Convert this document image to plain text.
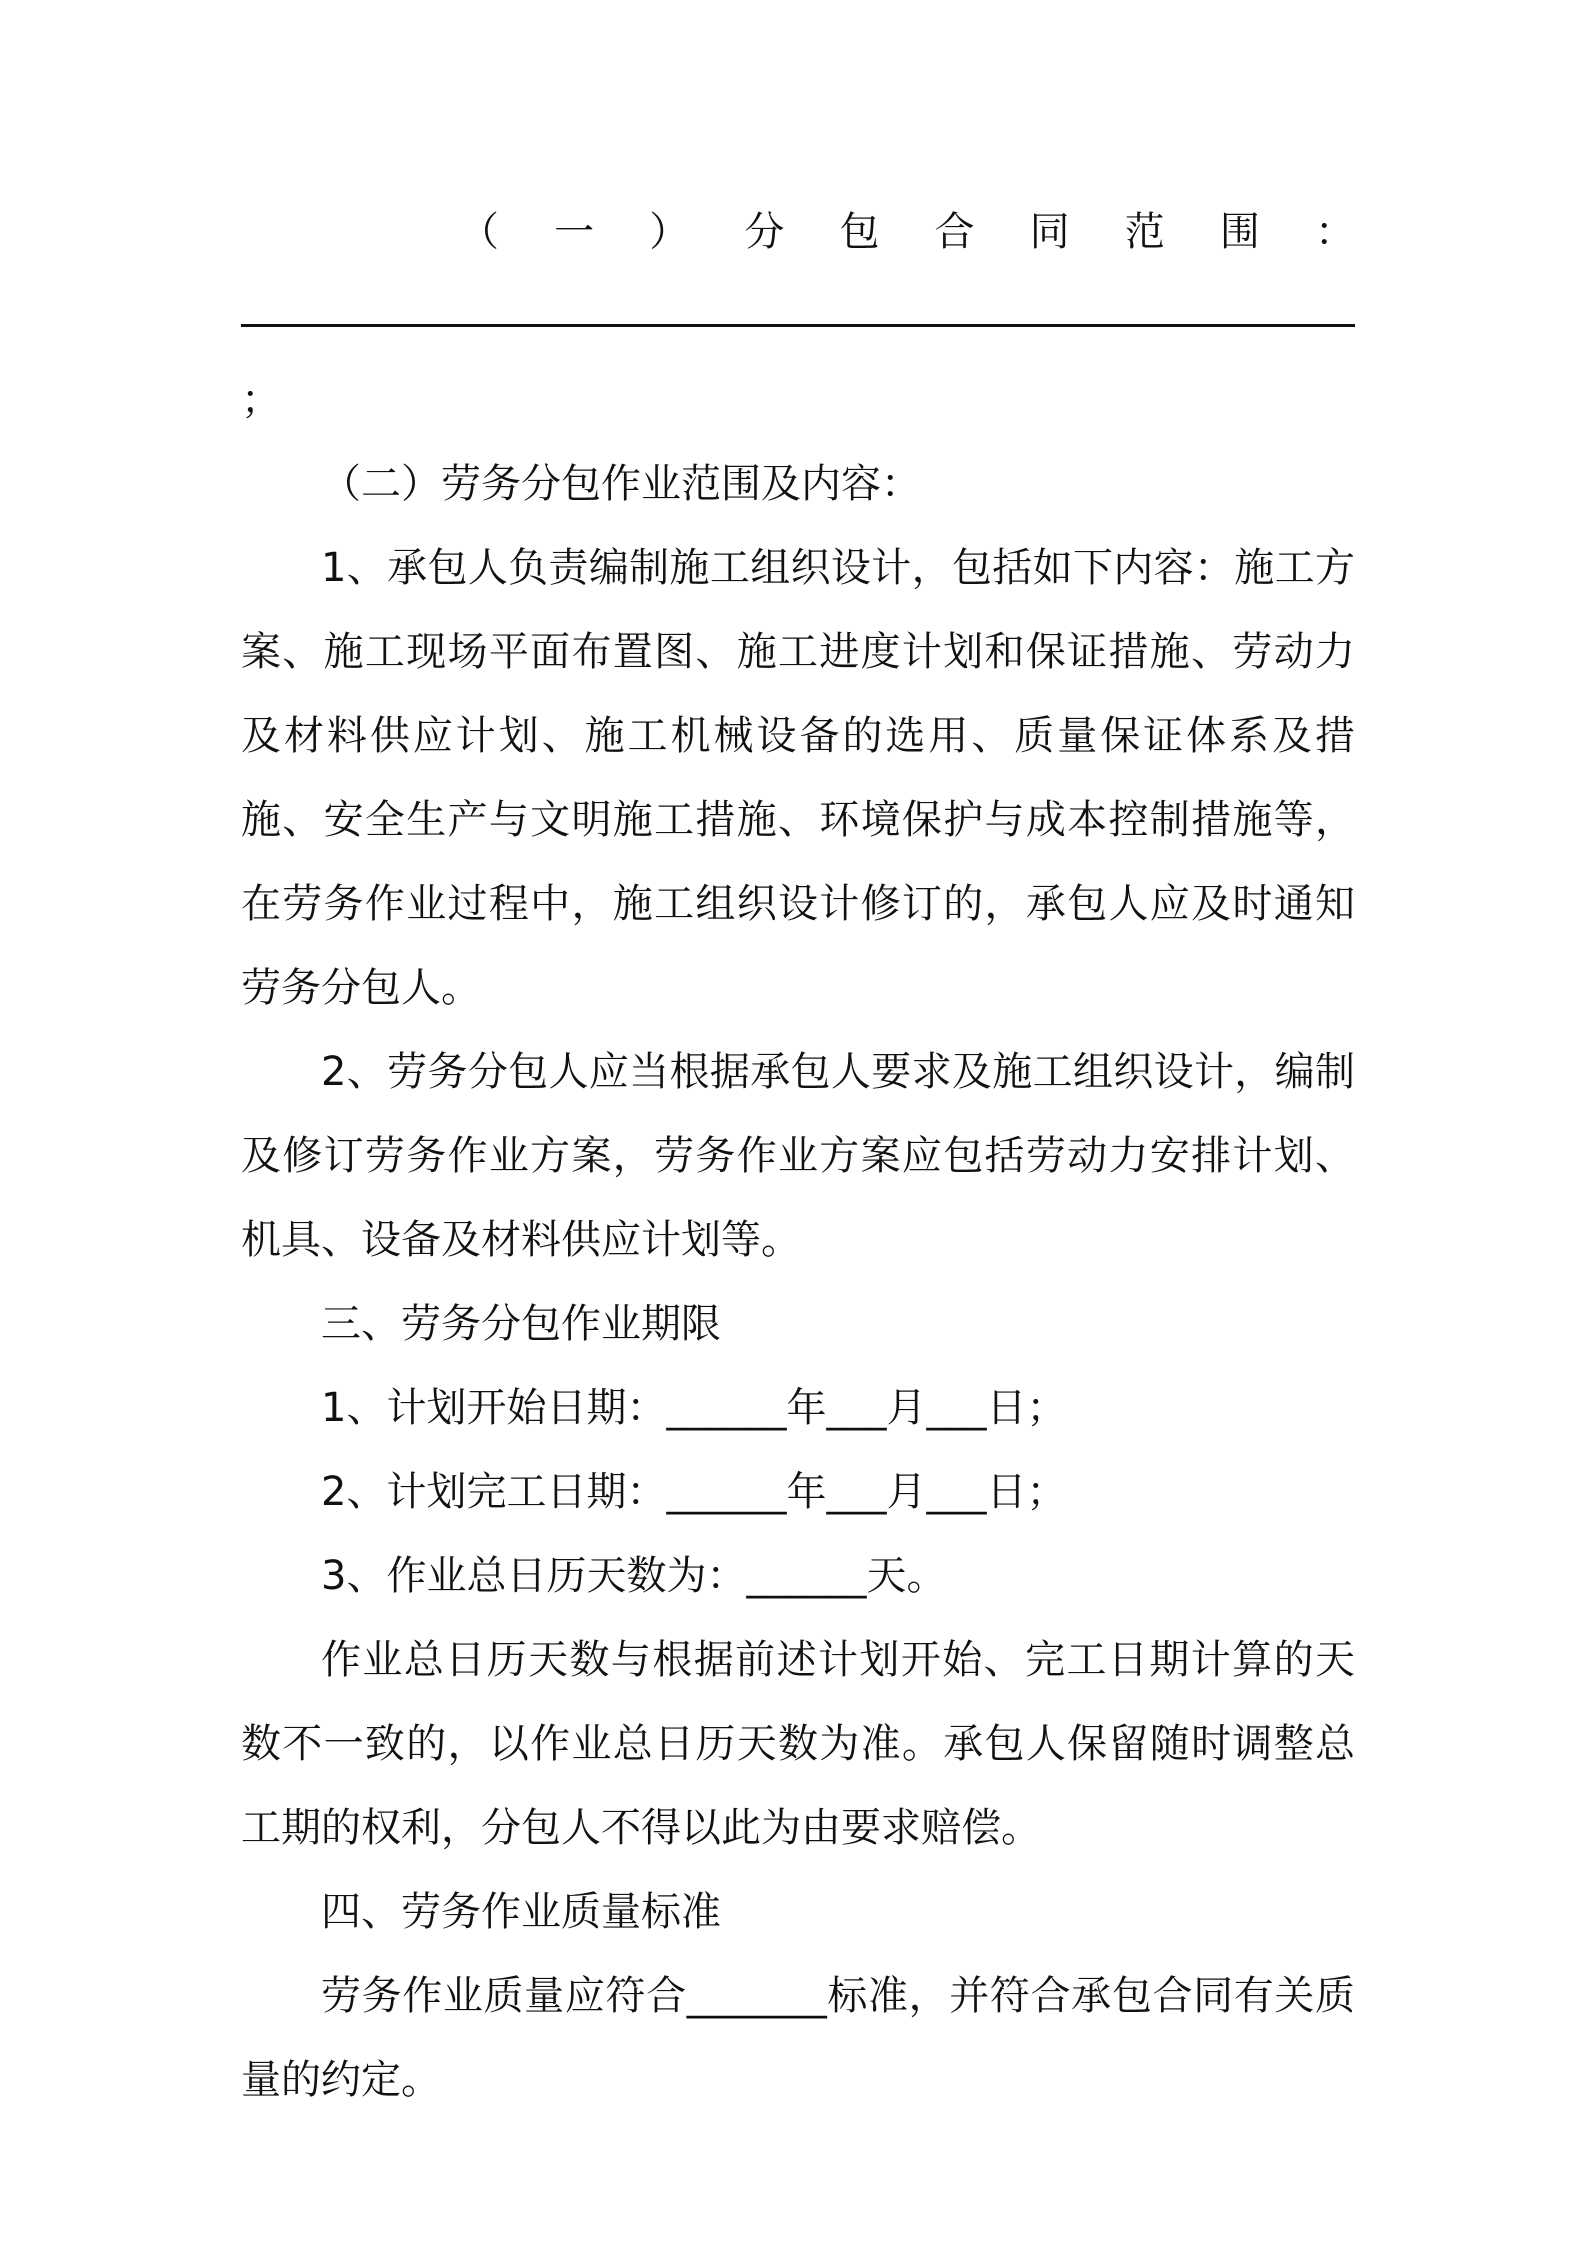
（ 一 ） 分 包 合 同 范 围 ：
；

（二）劳务分包作业范围及内容：

1、承包人负责编制施工组织设计，包括如下内容：施工方案、施工现场平面布置图、施工进度计划和保证措施、劳动力及材料供应计划、施工机械设备的选用、质量保证体系及措施、安全生产与文明施工措施、环境保护与成本控制措施等，在劳务作业过程中，施工组织设计修订的，承包人应及时通知劳务分包人。

2、劳务分包人应当根据承包人要求及施工组织设计，编制及修订劳务作业方案，劳务作业方案应包括劳动力安排计划、机具、设备及材料供应计划等。

三、劳务分包作业期限

1、计划开始日期：______年___月___日；

2、计划完工日期：______年___月___日；

3、作业总日历天数为：______天。

作业总日历天数与根据前述计划开始、完工日期计算的天数不一致的，以作业总日历天数为准。承包人保留随时调整总工期的权利，分包人不得以此为由要求赔偿。

四、劳务作业质量标准

劳务作业质量应符合_______标准，并符合承包合同有关质量的约定。
